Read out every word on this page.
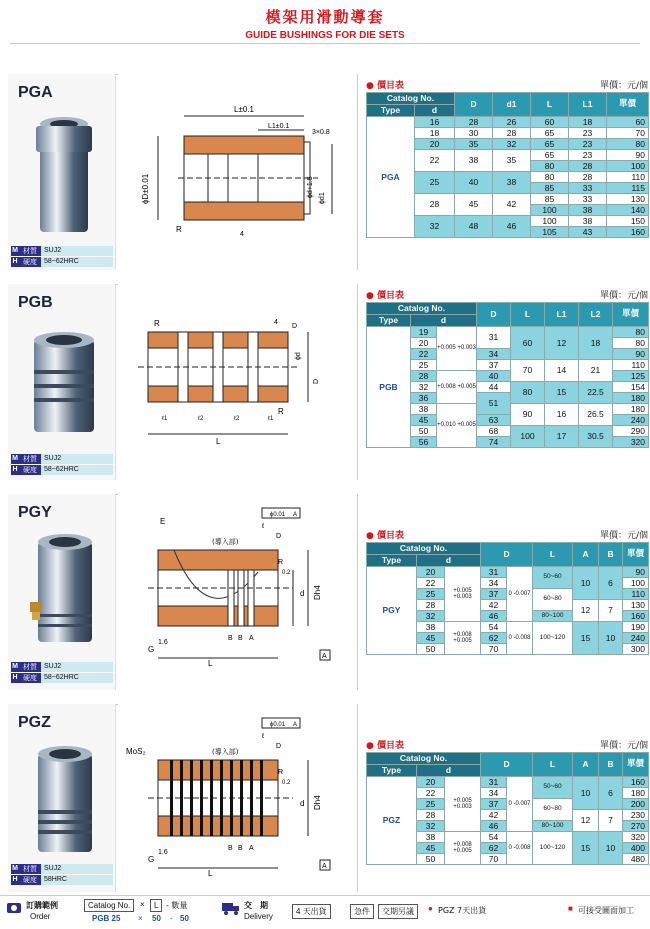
模架用滑動導套
GUIDE BUSHINGS FOR DIE SETS
PGA
M 材質	SUJ2
H 硬度	58~62HRC
L±0.1
L1±0.1
3×0.8
ϕD±0.01	ϕd1
ϕd+1.5
R
4
● 價目表	單價：元/個
Catalog No.		D	d1	L	L1	單價
Type	d					
PGA	16	28	26	60	18	60
	18	30	28	65	23	70
	20	35	32	65	23	80
	22	38	35	65	23	90
				80	28	100
	25	40	38	80	28	110
				85	33	115
	28	45	42	85	33	130
				100	38	140
	32	48	46	100	38	150
				105	43	160
PGB
M 材質	SUJ2
H 硬度	58~62HRC
R	4
D
ϕd
D
R
ℓ1	ℓ2	ℓ2	ℓ1
L
● 價目表	單價：元/個
Catalog No.			D	L	L1	L2	單價
Type	d						
PGB	19	+0.005 +0.003	31	60	12	18	80
	20						80
	22		34				90
	25		37	70	14	21	110
	28	+0.008 +0.005	40				125
	32		44	80	15	22.5	154
	36		51				180
	38	+0.010 +0.005		90	16	26.5	180
	45		63				240
	50		68	100	17	30.5	290
	56		74				320
PGY
M 材質	SUJ2
H 硬度	58~62HRC
E
ϕ0.01 A
ℓ
(導入部)
D
R
0.2
d Dh4
1.6
G
B B A
L
A
● 價目表	單價：元/個
Catalog No.			D		L	A	B	單價
Type	d							
PGY	20	+0.005 +0.003	31	0 -0.007	50~60	10	6	90
	22		34					100
	25		37		60~80			110
	28		42			12	7	130
	32		46		80~100			160
	38	+0.008 +0.005	54	0 -0.008	100~120	15	10	190
	45		62					240
	50		70					300
PGZ
M 材質	SUJ2
H 硬度	58HRC
MoS₂
ϕ0.01 A
ℓ
(導入部)
D
R
0.2
d Dh4
1.6
G
B B A
L
A
● 價目表	單價：元/個
Catalog No.			D		L	A	B	單價
Type	d							
PGZ	20	+0.005 +0.003	31	0 -0.007	50~60	10	6	160
	22		34					180
	25		37		60~80			200
	28		42			12	7	230
	32		46		80~100			270
	38	+0.008 +0.005	54	0 -0.008	100~120	15	10	320
	45		62					400
	50		70					480
訂購範例
Order
Catalog No.	×	L - 數量
PGB 25 × 50 - 50
交　期
Delivery
4 天出貨	急件	交期另議	● PGZ 7天出貨	■ 可接受圖面加工
